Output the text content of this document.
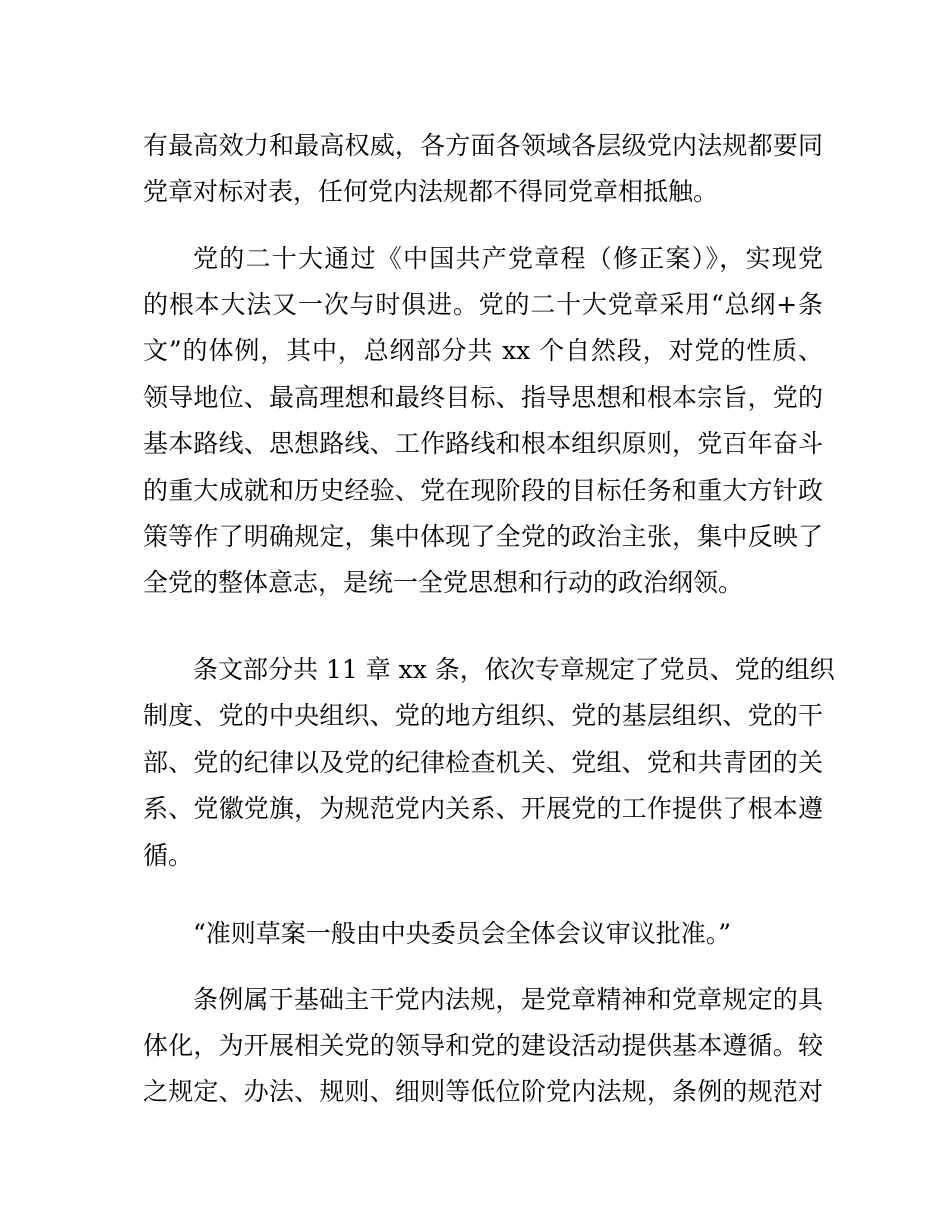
有最高效力和最高权威，各方面各领域各层级党内法规都要同

党章对标对表，任何党内法规都不得同党章相抵触。

党的二十大通过《中国共产党章程（修正案）》，实现党

的根本大法又一次与时俱进。党的二十大党章采用“总纲+条

文”的体例，其中，总纲部分共 xx 个自然段，对党的性质、

领导地位、最高理想和最终目标、指导思想和根本宗旨，党的

基本路线、思想路线、工作路线和根本组织原则，党百年奋斗

的重大成就和历史经验、党在现阶段的目标任务和重大方针政

策等作了明确规定，集中体现了全党的政治主张，集中反映了

全党的整体意志，是统一全党思想和行动的政治纲领。

条文部分共 11 章 xx 条，依次专章规定了党员、党的组织

制度、党的中央组织、党的地方组织、党的基层组织、党的干

部、党的纪律以及党的纪律检查机关、党组、党和共青团的关

系、党徽党旗，为规范党内关系、开展党的工作提供了根本遵

循。

“准则草案一般由中央委员会全体会议审议批准。”

条例属于基础主干党内法规，是党章精神和党章规定的具

体化，为开展相关党的领导和党的建设活动提供基本遵循。较

之规定、办法、规则、细则等低位阶党内法规，条例的规范对
